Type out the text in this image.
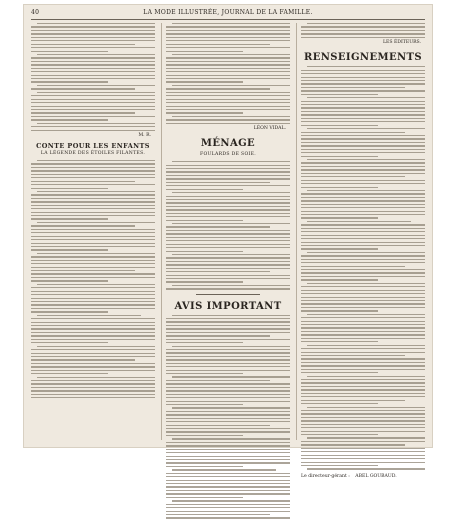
40	LA MODE ILLUSTRÉE, JOURNAL DE LA FAMILLE.
M. R.
CONTE POUR LES ENFANTS
LA LÉGENDE DES ÉTOILES FILANTES.
LÉON VIDAL.
MÉNAGE
FOULARDS DE SOIE.
AVIS IMPORTANT
LES ÉDITEURS.
RENSEIGNEMENTS
Le directeur-gérant : ABEL GOUBAUD.
